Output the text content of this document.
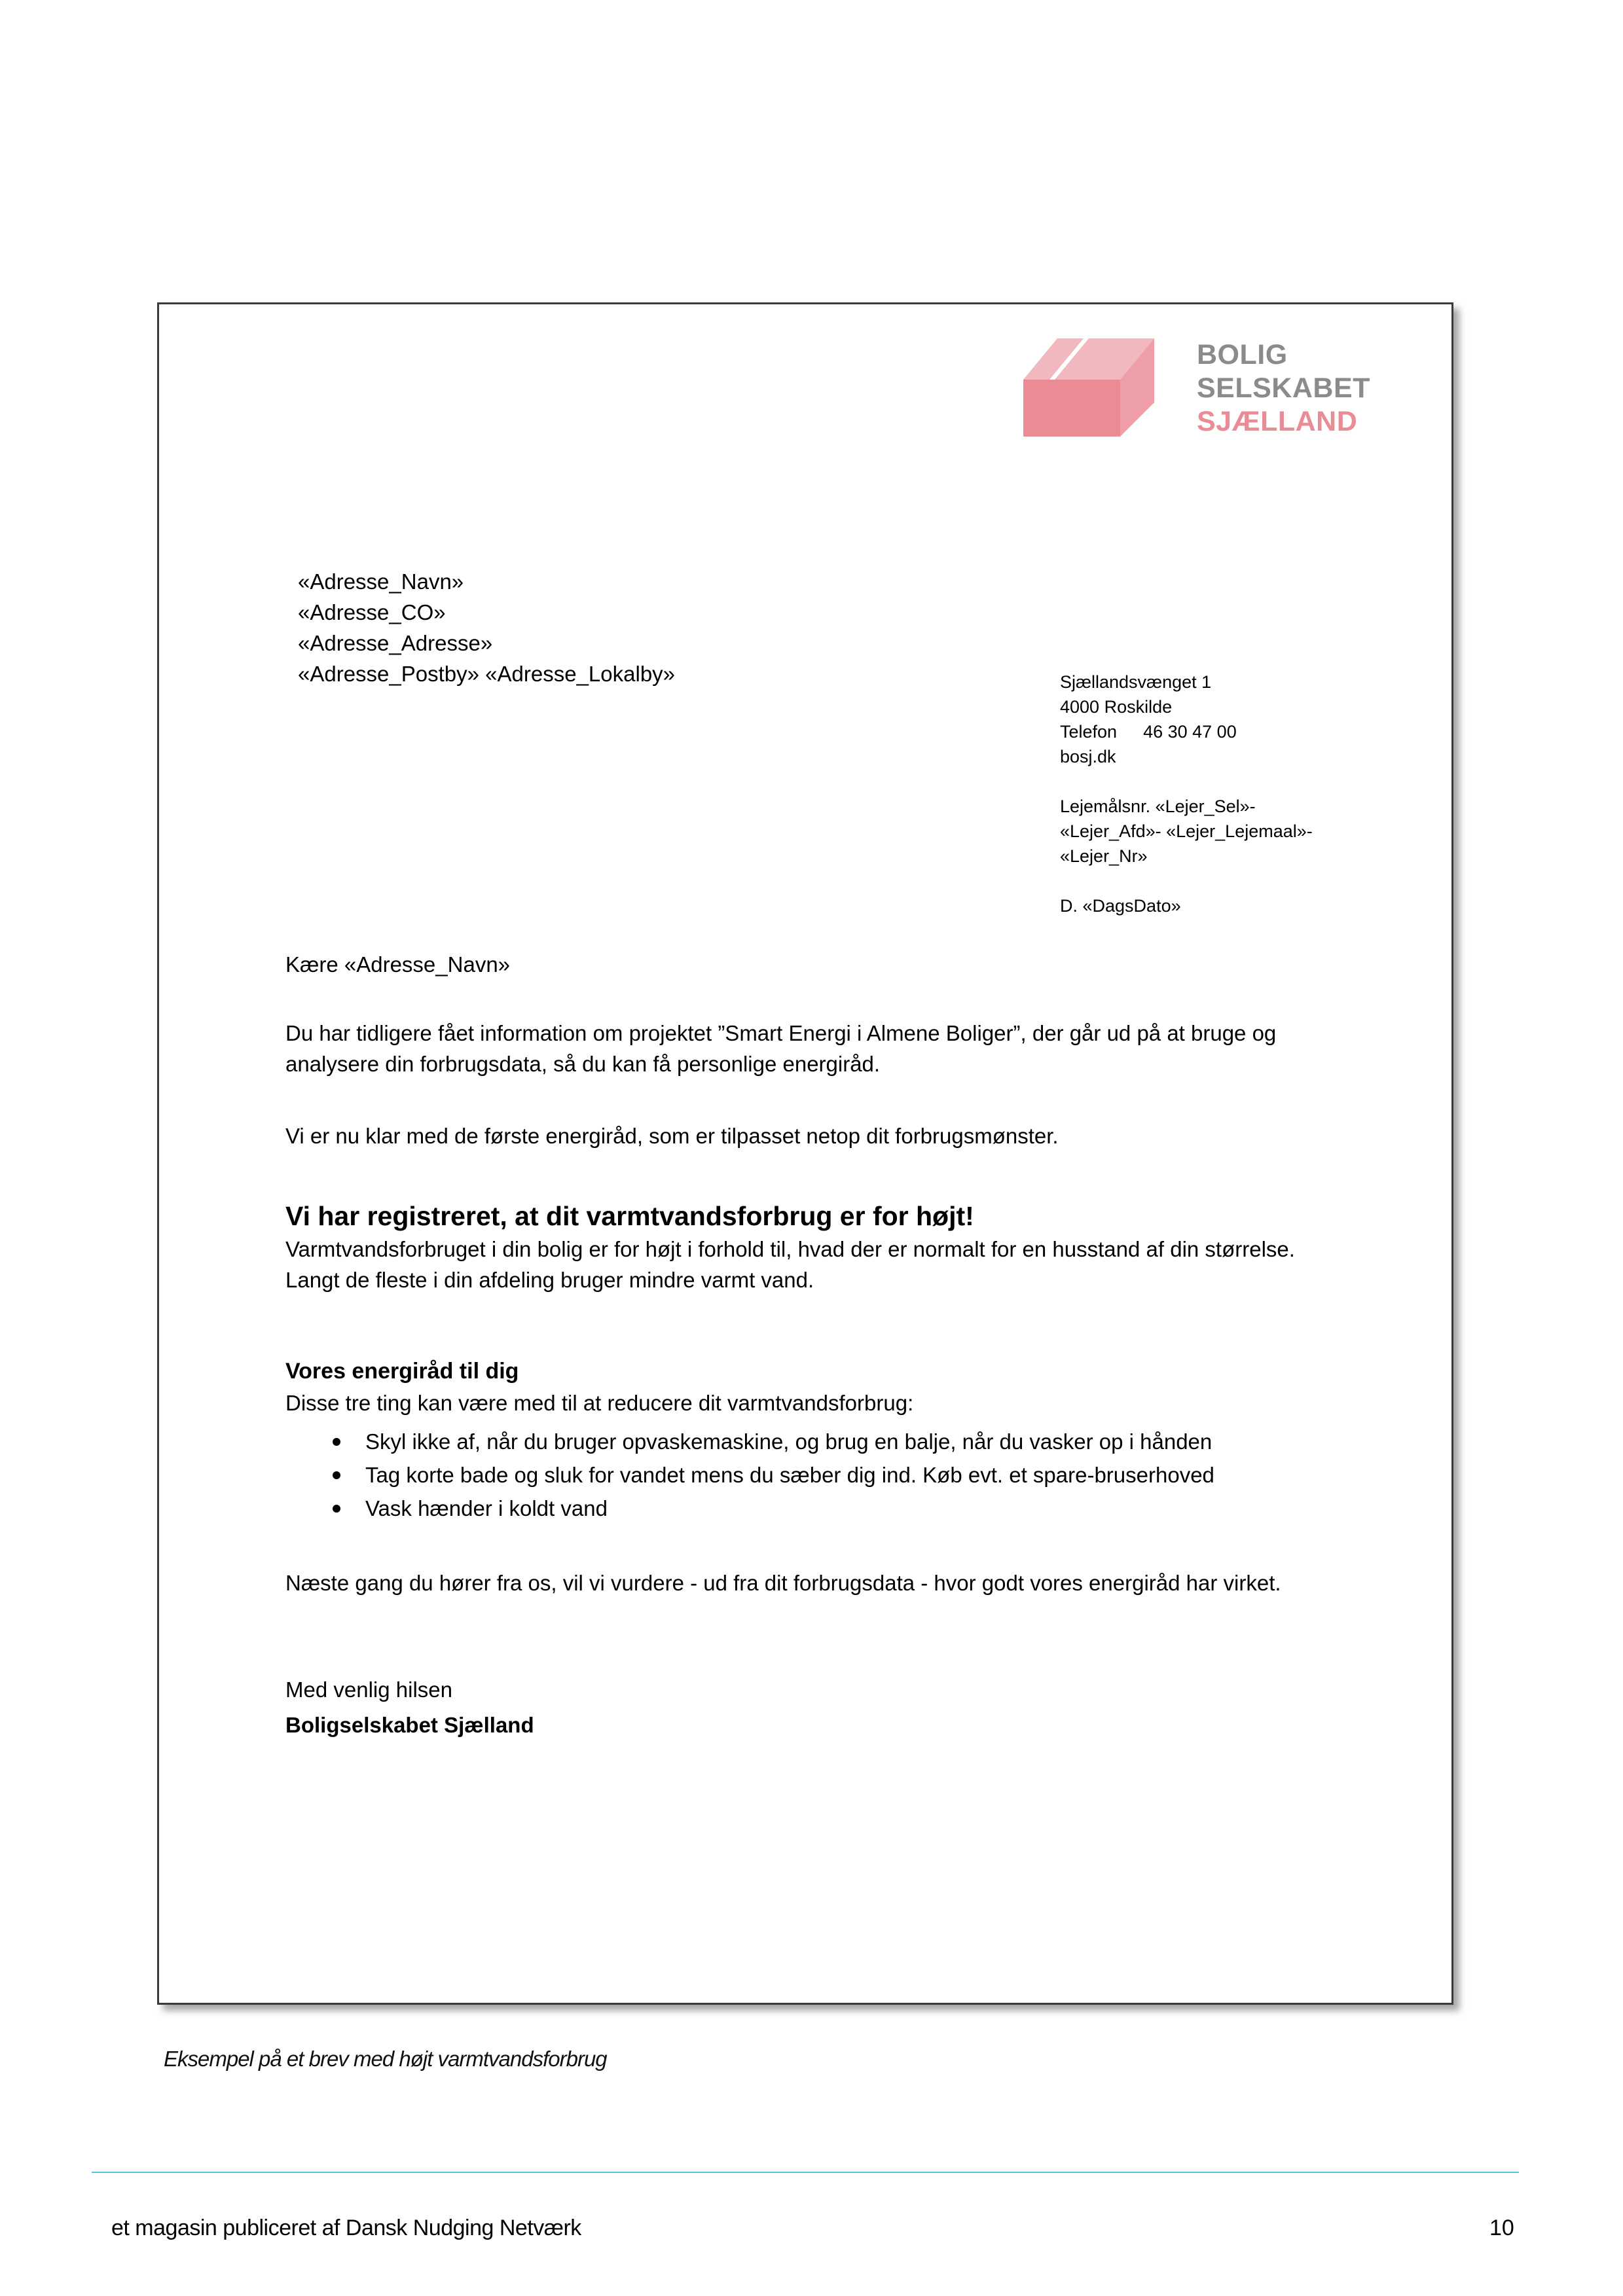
BOLIG
SELSKABET
SJÆLLAND
«Adresse_Navn»
«Adresse_CO»
«Adresse_Adresse»
«Adresse_Postby» «Adresse_Lokalby»	Sjællandsvænget 1
4000 Roskilde
Telefon 46 30 47 00
bosj.dk
Lejemålsnr. «Lejer_Sel»-
«Lejer_Afd»- «Lejer_Lejemaal»-
«Lejer_Nr»
D. «DagsDato»
Kære «Adresse_Navn»
Du har tidligere fået information om projektet ”Smart Energi i Almene Boliger”, der går ud på at bruge og
analysere din forbrugsdata, så du kan få personlige energiråd.
Vi er nu klar med de første energiråd, som er tilpasset netop dit forbrugsmønster.
Vi har registreret, at dit varmtvandsforbrug er for højt!
Varmtvandsforbruget i din bolig er for højt i forhold til, hvad der er normalt for en husstand af din størrelse.
Langt de fleste i din afdeling bruger mindre varmt vand.
Vores energiråd til dig
Disse tre ting kan være med til at reducere dit varmtvandsforbrug:
Skyl ikke af, når du bruger opvaskemaskine, og brug en balje, når du vasker op i hånden
Tag korte bade og sluk for vandet mens du sæber dig ind. Køb evt. et spare-bruserhoved
Vask hænder i koldt vand
Næste gang du hører fra os, vil vi vurdere - ud fra dit forbrugsdata - hvor godt vores energiråd har virket.
Med venlig hilsen
Boligselskabet Sjælland
Eksempel på et brev med højt varmtvandsforbrug
et magasin publiceret af Dansk Nudging Netværk	10
